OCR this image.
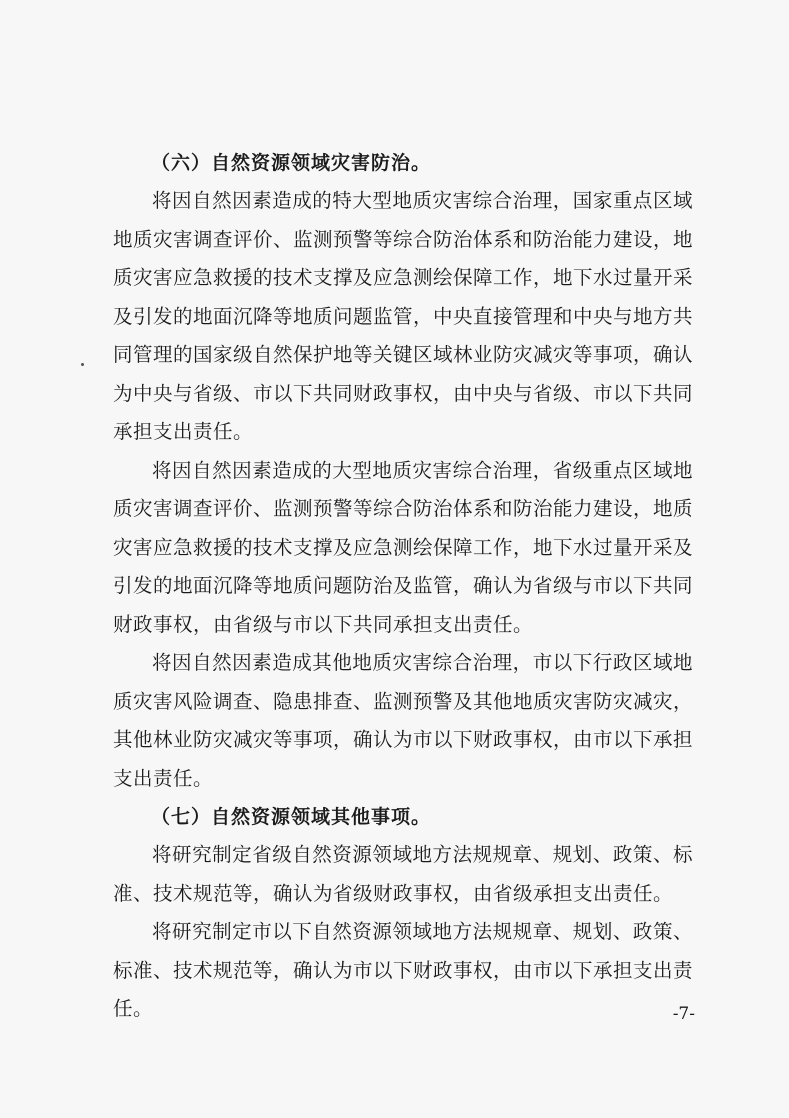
（六）自然资源领域灾害防治。

将因自然因素造成的特大型地质灾害综合治理，国家重点区域地质灾害调查评价、监测预警等综合防治体系和防治能力建设，地质灾害应急救援的技术支撑及应急测绘保障工作，地下水过量开采及引发的地面沉降等地质问题监管，中央直接管理和中央与地方共同管理的国家级自然保护地等关键区域林业防灾减灾等事项，确认为中央与省级、市以下共同财政事权，由中央与省级、市以下共同承担支出责任。

将因自然因素造成的大型地质灾害综合治理，省级重点区域地质灾害调查评价、监测预警等综合防治体系和防治能力建设，地质灾害应急救援的技术支撑及应急测绘保障工作，地下水过量开采及引发的地面沉降等地质问题防治及监管，确认为省级与市以下共同财政事权，由省级与市以下共同承担支出责任。

将因自然因素造成其他地质灾害综合治理，市以下行政区域地质灾害风险调查、隐患排查、监测预警及其他地质灾害防灾减灾，其他林业防灾减灾等事项，确认为市以下财政事权，由市以下承担支出责任。

（七）自然资源领域其他事项。

将研究制定省级自然资源领域地方法规规章、规划、政策、标准、技术规范等，确认为省级财政事权，由省级承担支出责任。

将研究制定市以下自然资源领域地方法规规章、规划、政策、标准、技术规范等，确认为市以下财政事权，由市以下承担支出责任。	-7-
